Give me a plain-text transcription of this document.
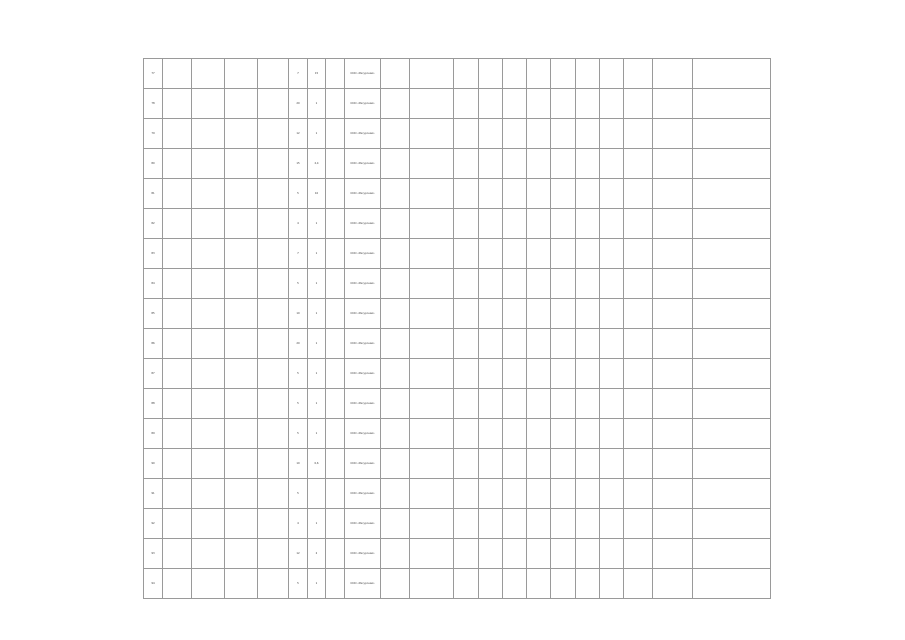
77					7	15		ООО «Ресурсная»												
78					20	1		ООО «Ресурсная»												
79					12	1		ООО «Ресурсная»												
80					15	2,4		ООО «Ресурсная»												
81					5	10		ООО «Ресурсная»												
82					4	1		ООО «Ресурсная»												
83					7	1		ООО «Ресурсная»												
84					5	1		ООО «Ресурсная»												
85					10	1		ООО «Ресурсная»												
86					20	1		ООО «Ресурсная»												
87					5	1		ООО «Ресурсная»												
88					5	1		ООО «Ресурсная»												
89					5	1		ООО «Ресурсная»												
90					10	0,6		ООО «Ресурсная»												
91					5			ООО «Ресурсная»												
92					4	1		ООО «Ресурсная»												
93					12	2		ООО «Ресурсная»												
94					5	1		ООО «Ресурсная»												
